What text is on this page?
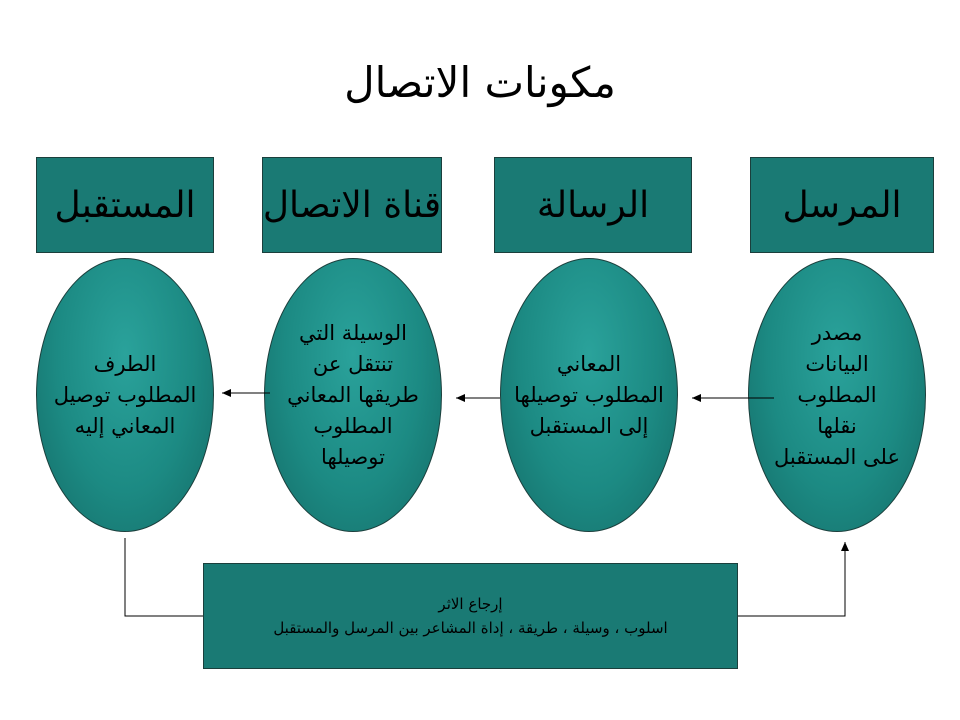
مكونات الاتصال
المستقبل قناة الاتصال	الرسالة	المرسل
الطرف
المطلوب توصيل
المعاني إليه
الوسيلة التي
تنتقل عن
طريقها المعاني
المطلوب
توصيلها
المعاني
المطلوب توصيلها
إلى المستقبل
مصدر
البيانات
المطلوب
نقلها
على المستقبل
إرجاع الاثر
اسلوب ، وسيلة ، طريقة ، إداة المشاعر بين المرسل والمستقبل
